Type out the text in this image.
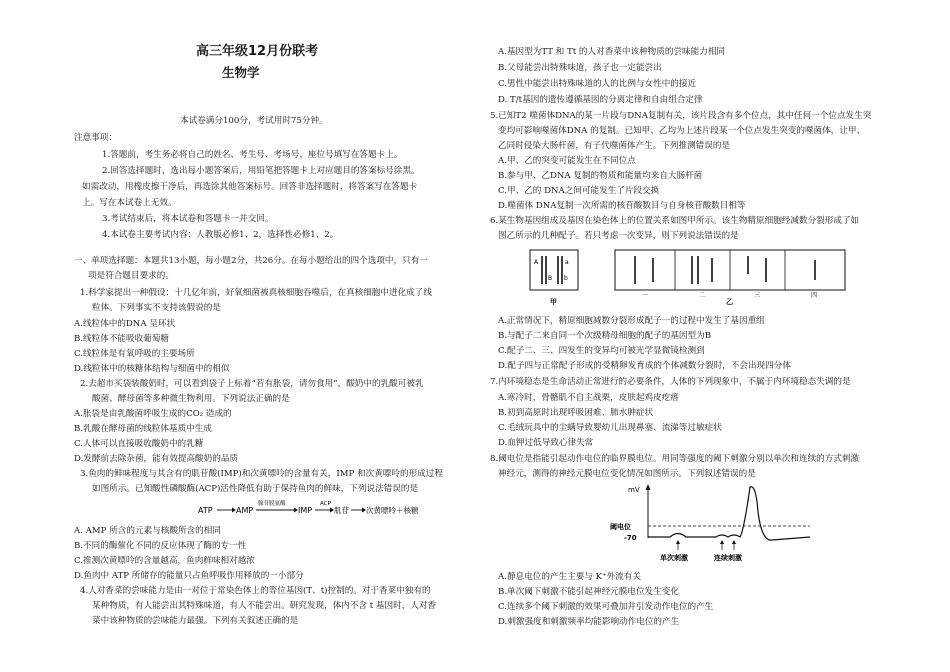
高三年级12月份联考
生物学
本试卷满分100分，考试用时75分钟。
注意事项：
1.答题前，考生务必将自己的姓名、考生号、考场号、座位号填写在答题卡上。
2.回答选择题时，选出每小题答案后，用铅笔把答题卡上对应题目的答案标号涂黑。
如需改动，用橡皮擦干净后，再选涂其他答案标号。回答非选择题时，将答案写在答题卡
上。写在本试卷上无效。
3.考试结束后，将本试卷和答题卡一并交回。
4.本试卷主要考试内容：人教版必修1、2，选择性必修1、2。
一、单项选择题：本题共13小题，每小题2分，共26分。在每小题给出的四个选项中，只有一
项是符合题目要求的。
1.科学家提出一种假设：十几亿年前，好氧细菌被真核细胞吞噬后，在真核细胞中进化成了线
粒体。下列事实不支持该假说的是
A.线粒体中的DNA 呈环状
B.线粒体不能吸收葡萄糖
C.线粒体是有氧呼吸的主要场所
D.线粒体中的核糖体结构与细菌中的相似
2.去超市买袋装酸奶时，可以看到袋子上标着“若有胀袋，请勿食用”，酸奶中的乳酸可被乳
酸菌、酵母菌等多种微生物利用。下列说法正确的是
A.胀袋是由乳酸菌呼吸生成的CO₂ 造成的
B.乳酸在酵母菌的线粒体基质中生成
C.人体可以直接吸收酸奶中的乳糖
D.发酵前去除杂菌，能有效提高酸奶的品质
3.鱼肉的鲜味程度与其含有的肌苷酸(IMP)和次黄嘌呤的含量有关，IMP 和次黄嘌呤的形成过程
如图所示。已知酸性磷酸酶(ACP)活性降低有助于保持鱼肉的鲜味，下列说法错误的是
ATP	AMP
腺苷脱氨酶
IMP
ACP
肌苷 次黄嘌呤＋核糖
A. AMP 所含的元素与核酸所含的相同
B.不同的酶催化不同的反应体现了酶的专一性
C.推测次黄嘌呤的含量越高，鱼肉鲜味相对越浓
D.鱼肉中 ATP 所储存的能量只占鱼呼吸作用释放的一小部分
4.人对香菜的尝味能力是由一对位于常染色体上的等位基因(T、t)控制的。对于香菜中独有的
某种物质，有人能尝出其特殊味道，有人不能尝出。研究发现，体内不含 t 基因时，人对香
菜中该种物质的尝味能力最强。下列有关叙述正确的是
A.基因型为TT 和 Tt 的人对香菜中该种物质的尝味能力相同
B.父母能尝出特殊味道，孩子也一定能尝出
C.男性中能尝出特殊味道的人的比例与女性中的接近
D. T/t基因的遗传遵循基因的分离定律和自由组合定律
5.已知T2 噬菌体DNA的某一片段与DNA复制有关，该片段含有多个位点，其中任何一个位点发生突
变均可影响噬菌体DNA 的复制。已知甲、乙均为上述片段某一个位点发生突变的噬菌体，让甲、
乙同时侵染大肠杆菌，有子代噬菌体产生。下列推测错误的是
A.甲、乙的突变可能发生在不同位点
B.参与甲、乙DNA 复制的物质和能量均来自大肠杆菌
C.甲、乙的 DNA之间可能发生了片段交换
D.噬菌体 DNA复制一次所需的核苷酸数目与自身核苷酸数目相等
6.某生物基因组成及基因在染色体上的位置关系如图甲所示。该生物精原细胞经减数分裂形成了如
图乙所示的几种配子。若只考虑一次变异，则下列说法错误的是
A	a
B b
甲	乙
一	二	三	四
A.正常情况下，精原细胞减数分裂形成配子一的过程中发生了基因重组
B.与配子二来自同一个次级精母细胞的配子的基因型为B
C.配子二、三、四发生的变异均可被光学显微镜检测到
D.配子四与正常配子形成的受精卵发育成的个体减数分裂时，不会出现四分体
7.内环境稳态是生命活动正常进行的必要条件，人体的下列现象中，不属于内环境稳态失调的是
A.寒冷时，骨骼肌不自主战栗，皮肤起鸡皮疙瘩
B.初到高原时出现呼吸困难、肺水肿症状
C.毛绒玩具中的尘螨导致婴幼儿出现鼻塞、流涕等过敏症状
D.血钾过低导致心律失常
8.阈电位是指能引起动作电位的临界膜电位。用同等强度的阈下刺激分别以单次和连续的方式刺激
神经元，测得的神经元膜电位变化情况如图所示。下列叙述错误的是
mV
阈电位
-70
单次刺激	连续刺激
A.静息电位的产生主要与 K⁺外流有关
B.单次阈下刺激不能引起神经元膜电位发生变化
C.连续多个阈下刺激的效果可叠加并引发动作电位的产生
D.刺激强度和刺激频率均能影响动作电位的产生
